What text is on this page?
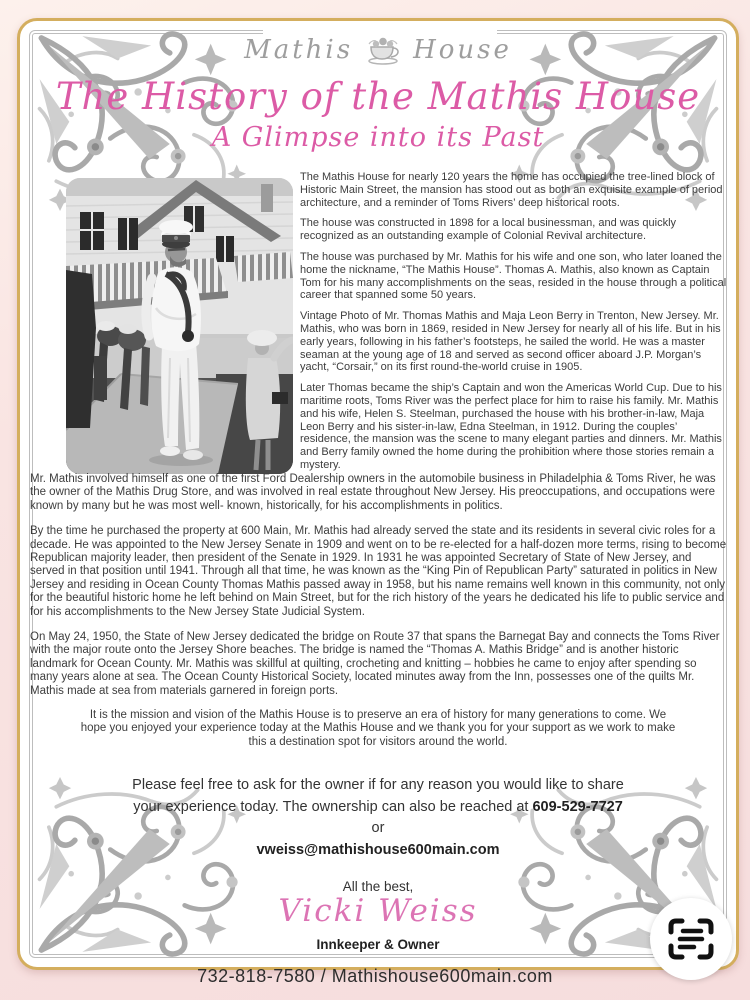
Mathis House
The History of the Mathis House
A Glimpse into its Past

The Mathis House for nearly 120 years the home has occupied the tree-lined block of Historic Main Street, the mansion has stood out as both an exquisite example of period architecture, and a reminder of Toms Rivers’ deep historical roots.

The house was constructed in 1898 for a local businessman, and was quickly recognized as an outstanding example of Colonial Revival architecture.

The house was purchased by Mr. Mathis for his wife and one son, who later loaned the home the nickname, “The Mathis House”. Thomas A. Mathis, also known as Captain Tom for his many accomplishments on the seas, resided in the house through a political career that spanned some 50 years.

Vintage Photo of Mr. Thomas Mathis and Maja Leon Berry in Trenton, New Jersey. Mr. Mathis, who was born in 1869, resided in New Jersey for nearly all of his life. But in his early years, following in his father’s footsteps, he sailed the world. He was a master seaman at the young age of 18 and served as second officer aboard J.P. Morgan’s yacht, “Corsair,” on its first round-the-world cruise in 1905.

Later Thomas became the ship’s Captain and won the Americas World Cup. Due to his maritime roots, Toms River was the perfect place for him to raise his family. Mr. Mathis and his wife, Helen S. Steelman, purchased the house with his brother-in-law, Maja Leon Berry and his sister-in-law, Edna Steelman, in 1912. During the couples’ residence, the mansion was the scene to many elegant parties and dinners. Mr. Mathis and Berry family owned the home during the prohibition where those stories remain a mystery.

Mr. Mathis involved himself as one of the first Ford Dealership owners in the automobile business in Philadelphia & Toms River, he was the owner of the Mathis Drug Store, and was involved in real estate throughout New Jersey. His preoccupations, and occupations were known by many but he was most well- known, historically, for his accomplishments in politics.

By the time he purchased the property at 600 Main, Mr. Mathis had already served the state and its residents in several civic roles for a decade. He was appointed to the New Jersey Senate in 1909 and went on to be re-elected for a half-dozen more terms, rising to become Republican majority leader, then president of the Senate in 1929. In 1931 he was appointed Secretary of State of New Jersey, and served in that position until 1941. Through all that time, he was known as the “King Pin of Republican Party” saturated in politics in New Jersey and residing in Ocean County Thomas Mathis passed away in 1958, but his name remains well known in this community, not only for the beautiful historic home he left behind on Main Street, but for the rich history of the years he dedicated his life to public service and for his accomplishments to the New Jersey State Judicial System.

On May 24, 1950, the State of New Jersey dedicated the bridge on Route 37 that spans the Barnegat Bay and connects the Toms River with the major route onto the Jersey Shore beaches. The bridge is named the “Thomas A. Mathis Bridge” and is another historic landmark for Ocean County. Mr. Mathis was skillful at quilting, crocheting and knitting – hobbies he came to enjoy after spending so many years alone at sea. The Ocean County Historical Society, located minutes away from the Inn, possesses one of the quilts Mr. Mathis made at sea from materials garnered in foreign ports.

It is the mission and vision of the Mathis House is to preserve an era of history for many generations to come. We hope you enjoyed your experience today at the Mathis House and we thank you for your support as we work to make this a destination spot for visitors around the world.
Please feel free to ask for the owner if for any reason you would like to share your experience today. The ownership can also be reached at 609-529-7727 or
vweiss@mathishouse600main.com
All the best,
Vicki Weiss
Innkeeper & Owner
732-818-7580 / Mathishouse600main.com
